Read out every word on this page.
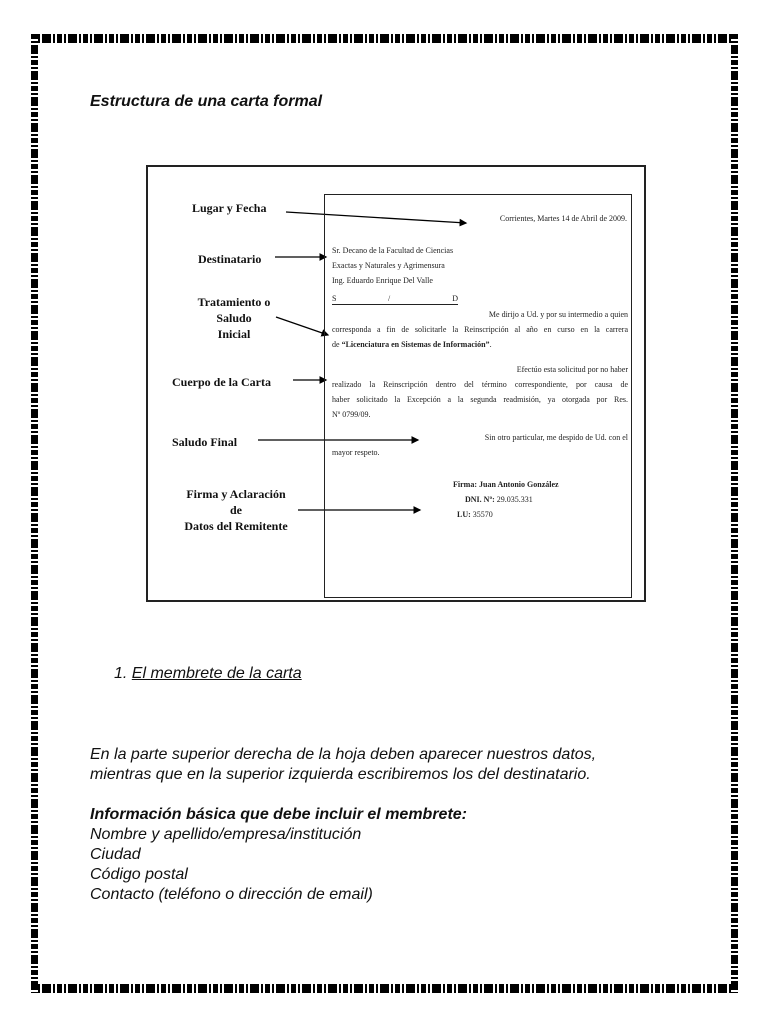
Estructura de una carta formal
Lugar y Fecha
Destinatario
Tratamiento o
Saludo
Inicial
Cuerpo de la Carta
Saludo Final
Firma y Aclaración
de
Datos del Remitente
Corrientes, Martes 14 de Abril de 2009.
Sr. Decano de la Facultad de Ciencias
Exactas y Naturales y Agrimensura
Ing. Eduardo Enrique Del Valle
S	/	D
Me dirijo a Ud. y por su intermedio a quien
corresponda a fin de solicitarle la Reinscripción al año en curso en la carrera
de “Licenciatura en Sistemas de Información”.
Efectúo esta solicitud por no haber
realizado la Reinscripción dentro del término correspondiente, por causa de
haber solicitado la Excepción a la segunda readmisión, ya otorgada por Res.
Nº 0799/09.
Sin otro particular, me despido de Ud. con el
mayor respeto.
Firma: Juan Antonio González
DNI. Nº: 29.035.331
LU: 35570
1. El membrete de la carta
En la parte superior derecha de la hoja deben aparecer nuestros datos,
mientras que en la superior izquierda escribiremos los del destinatario.
Información básica que debe incluir el membrete:
Nombre y apellido/empresa/institución
Ciudad
Código postal
Contacto (teléfono o dirección de email)
